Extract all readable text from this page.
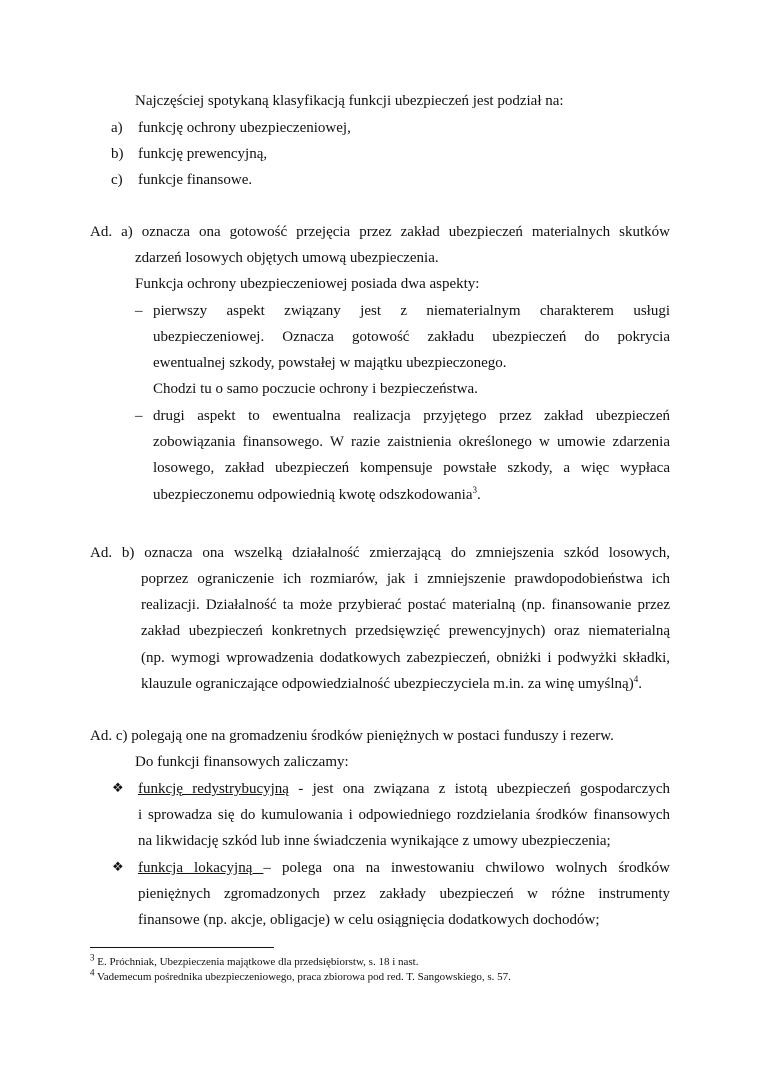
Najczęściej spotykaną klasyfikacją funkcji ubezpieczeń jest podział na:
a) funkcję ochrony ubezpieczeniowej,
b) funkcję prewencyjną,
c) funkcje finansowe.
Ad. a) oznacza ona gotowość przejęcia przez zakład ubezpieczeń materialnych skutków
zdarzeń losowych objętych umową ubezpieczenia.
Funkcja ochrony ubezpieczeniowej posiada dwa aspekty:
– pierwszy aspekt związany jest z niematerialnym charakterem usługi
ubezpieczeniowej. Oznacza gotowość zakładu ubezpieczeń do pokrycia
ewentualnej szkody, powstałej w majątku ubezpieczonego.
Chodzi tu o samo poczucie ochrony i bezpieczeństwa.
– drugi aspekt to ewentualna realizacja przyjętego przez zakład ubezpieczeń
zobowiązania finansowego. W razie zaistnienia określonego w umowie zdarzenia
losowego, zakład ubezpieczeń kompensuje powstałe szkody, a więc wypłaca
ubezpieczonemu odpowiednią kwotę odszkodowania$^3$.
Ad. b) oznacza ona wszelką działalność zmierzającą do zmniejszenia szkód losowych,
poprzez ograniczenie ich rozmiarów, jak i zmniejszenie prawdopodobieństwa ich
realizacji. Działalność ta może przybierać postać materialną (np. finansowanie przez
zakład ubezpieczeń konkretnych przedsięwzięć prewencyjnych) oraz niematerialną
(np. wymogi wprowadzenia dodatkowych zabezpieczeń, obniżki i podwyżki składki,
klauzule ograniczające odpowiedzialność ubezpieczyciela m.in. za winę umyślną)$^4$.
Ad. c) polegają one na gromadzeniu środków pieniężnych w postaci funduszy i rezerw.
Do funkcji finansowych zaliczamy:
❖ funkcję redystrybucyjną - jest ona związana z istotą ubezpieczeń gospodarczych
i sprowadza się do kumulowania i odpowiedniego rozdzielania środków finansowych
na likwidację szkód lub inne świadczenia wynikające z umowy ubezpieczenia;
❖ funkcja lokacyjną – polega ona na inwestowaniu chwilowo wolnych środków
pieniężnych zgromadzonych przez zakłady ubezpieczeń w różne instrumenty
finansowe (np. akcje, obligacje) w celu osiągnięcia dodatkowych dochodów;
$^3$ E. Próchniak, Ubezpieczenia majątkowe dla przedsiębiorstw, s. 18 i nast.
$^4$ Vademecum pośrednika ubezpieczeniowego, praca zbiorowa pod red. T. Sangowskiego, s. 57.
